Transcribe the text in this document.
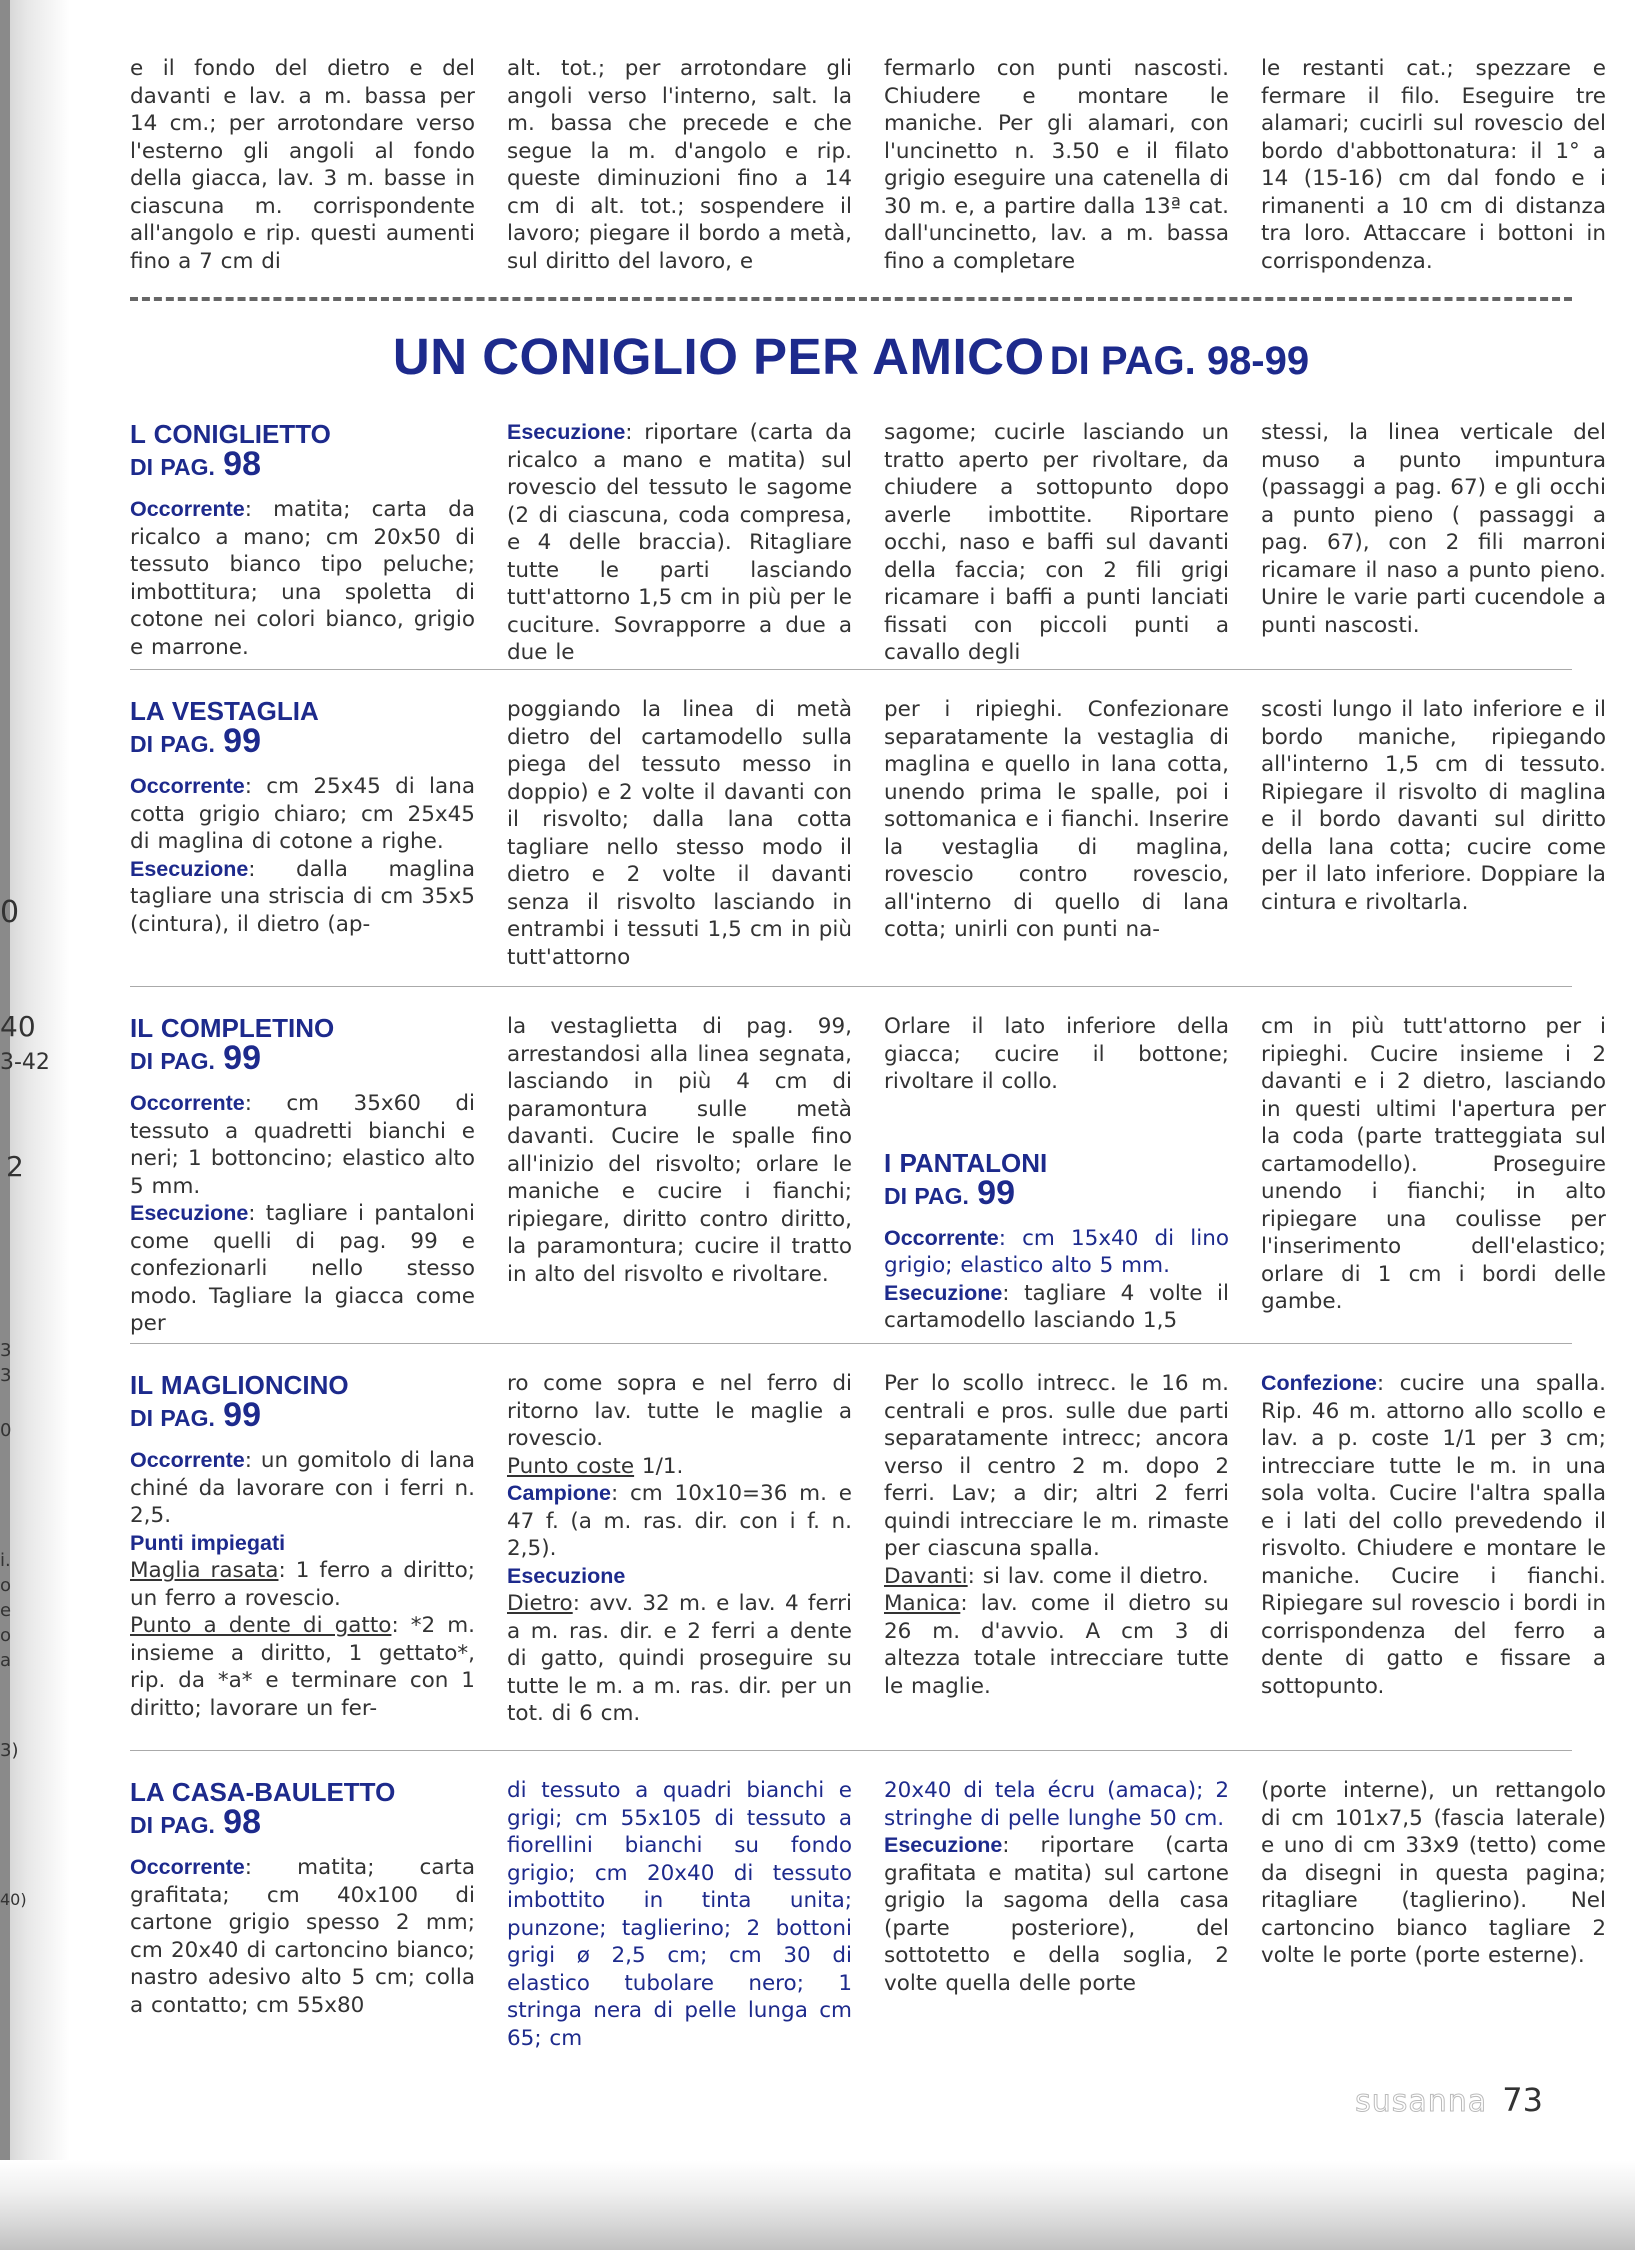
0
40
3-42
2
3
3
0
i.
o
e
o
a
3)
40)

e il fondo del dietro e del davanti e lav. a m. bassa per 14 cm.; per arrotondare verso l'esterno gli angoli al fondo della giacca, lav. 3 m. basse in ciascuna m. corrispondente all'angolo e rip. questi aumenti fino a 7 cm di

alt. tot.; per arrotondare gli angoli verso l'interno, salt. la m. bassa che precede e che segue la m. d'angolo e rip. queste diminuzioni fino a 14 cm di alt. tot.; sospendere il lavoro; piegare il bordo a metà, sul diritto del lavoro, e

fermarlo con punti nascosti. Chiudere e montare le maniche. Per gli alamari, con l'uncinetto n. 3.50 e il filato grigio eseguire una catenella di 30 m. e, a partire dalla 13ª cat. dall'uncinetto, lav. a m. bassa fino a completare

le restanti cat.; spezzare e fermare il filo. Eseguire tre alamari; cucirli sul rovescio del bordo d'abbottonatura: il 1° a 14 (15-16) cm dal fondo e i rimanenti a 10 cm di distanza tra loro. Attaccare i bottoni in corrispondenza.

UN CONIGLIO PER AMICO DI PAG. 98-99
L CONIGLIETTO
DI PAG. 98

Occorrente: matita; carta da ricalco a mano; cm 20x50 di tessuto bianco tipo peluche; imbottitura; una spoletta di cotone nei colori bianco, grigio e marrone.

Esecuzione: riportare (carta da ricalco a mano e matita) sul rovescio del tessuto le sagome (2 di ciascuna, coda compresa, e 4 delle braccia). Ritagliare tutte le parti lasciando tutt'attorno 1,5 cm in più per le cuciture. Sovrapporre a due a due le

sagome; cucirle lasciando un tratto aperto per rivoltare, da chiudere a sottopunto dopo averle imbottite. Riportare occhi, naso e baffi sul davanti della faccia; con 2 fili grigi ricamare i baffi a punti lanciati fissati con piccoli punti a cavallo degli

stessi, la linea verticale del muso a punto impuntura (passaggi a pag. 67) e gli occhi a punto pieno ( passaggi a pag. 67), con 2 fili marroni ricamare il naso a punto pieno. Unire le varie parti cucendole a punti nascosti.

LA VESTAGLIA
DI PAG. 99

Occorrente: cm 25x45 di lana cotta grigio chiaro; cm 25x45 di maglina di cotone a righe.

Esecuzione: dalla maglina tagliare una striscia di cm 35x5 (cintura), il dietro (ap-

poggiando la linea di metà dietro del cartamodello sulla piega del tessuto messo in doppio) e 2 volte il davanti con il risvolto; dalla lana cotta tagliare nello stesso modo il dietro e 2 volte il davanti senza il risvolto lasciando in entrambi i tessuti 1,5 cm in più tutt'attorno

per i ripieghi. Confezionare separatamente la vestaglia di maglina e quello in lana cotta, unendo prima le spalle, poi i sottomanica e i fianchi. Inserire la vestaglia di maglina, rovescio contro rovescio, all'interno di quello di lana cotta; unirli con punti na-

scosti lungo il lato inferiore e il bordo maniche, ripiegando all'interno 1,5 cm di tessuto. Ripiegare il risvolto di maglina e il bordo davanti sul diritto della lana cotta; cucire come per il lato inferiore. Doppiare la cintura e rivoltarla.

IL COMPLETINO
DI PAG. 99

Occorrente: cm 35x60 di tessuto a quadretti bianchi e neri; 1 bottoncino; elastico alto 5 mm.

Esecuzione: tagliare i pantaloni come quelli di pag. 99 e confezionarli nello stesso modo. Tagliare la giacca come per

la vestaglietta di pag. 99, arrestandosi alla linea segnata, lasciando in più 4 cm di paramontura sulle metà davanti. Cucire le spalle fino all'inizio del risvolto; orlare le maniche e cucire i fianchi; ripiegare, diritto contro diritto, la paramontura; cucire il tratto in alto del risvolto e rivoltare.

Orlare il lato inferiore della giacca; cucire il bottone; rivoltare il collo.

I PANTALONI
DI PAG. 99

Occorrente: cm 15x40 di lino grigio; elastico alto 5 mm.

Esecuzione: tagliare 4 volte il cartamodello lasciando 1,5

cm in più tutt'attorno per i ripieghi. Cucire insieme i 2 davanti e i 2 dietro, lasciando in questi ultimi l'apertura per la coda (parte tratteggiata sul cartamodello). Proseguire unendo i fianchi; in alto ripiegare una coulisse per l'inserimento dell'elastico; orlare di 1 cm i bordi delle gambe.

IL MAGLIONCINO
DI PAG. 99

Occorrente: un gomitolo di lana chiné da lavorare con i ferri n. 2,5.

Punti impiegati

Maglia rasata: 1 ferro a diritto; un ferro a rovescio.

Punto a dente di gatto: *2 m. insieme a diritto, 1 gettato*, rip. da *a* e terminare con 1 diritto; lavorare un fer-

ro come sopra e nel ferro di ritorno lav. tutte le maglie a rovescio.

Punto coste 1/1.

Campione: cm 10x10=36 m. e 47 f. (a m. ras. dir. con i f. n. 2,5).

Esecuzione

Dietro: avv. 32 m. e lav. 4 ferri a m. ras. dir. e 2 ferri a dente di gatto, quindi proseguire su tutte le m. a m. ras. dir. per un tot. di 6 cm.

Per lo scollo intrecc. le 16 m. centrali e pros. sulle due parti separatamente intrecc; ancora verso il centro 2 m. dopo 2 ferri. Lav; a dir; altri 2 ferri quindi intrecciare le m. rimaste per ciascuna spalla.

Davanti: si lav. come il dietro.

Manica: lav. come il dietro su 26 m. d'avvio. A cm 3 di altezza totale intrecciare tutte le maglie.

Confezione: cucire una spalla. Rip. 46 m. attorno allo scollo e lav. a p. coste 1/1 per 3 cm; intrecciare tutte le m. in una sola volta. Cucire l'altra spalla e i lati del collo prevedendo il risvolto. Chiudere e montare le maniche. Cucire i fianchi. Ripiegare sul rovescio i bordi in corrispondenza del ferro a dente di gatto e fissare a sottopunto.

LA CASA-BAULETTO
DI PAG. 98

Occorrente: matita; carta grafitata; cm 40x100 di cartone grigio spesso 2 mm; cm 20x40 di cartoncino bianco; nastro adesivo alto 5 cm; colla a contatto; cm 55x80

di tessuto a quadri bianchi e grigi; cm 55x105 di tessuto a fiorellini bianchi su fondo grigio; cm 20x40 di tessuto imbottito in tinta unita; punzone; taglierino; 2 bottoni grigi ø 2,5 cm; cm 30 di elastico tubolare nero; 1 stringa nera di pelle lunga cm 65; cm

20x40 di tela écru (amaca); 2 stringhe di pelle lunghe 50 cm.

Esecuzione: riportare (carta grafitata e matita) sul cartone grigio la sagoma della casa (parte posteriore), del sottotetto e della soglia, 2 volte quella delle porte

(porte interne), un rettangolo di cm 101x7,5 (fascia laterale) e uno di cm 33x9 (tetto) come da disegni in questa pagina; ritagliare (taglierino). Nel cartoncino bianco tagliare 2 volte le porte (porte esterne).

susanna 73
